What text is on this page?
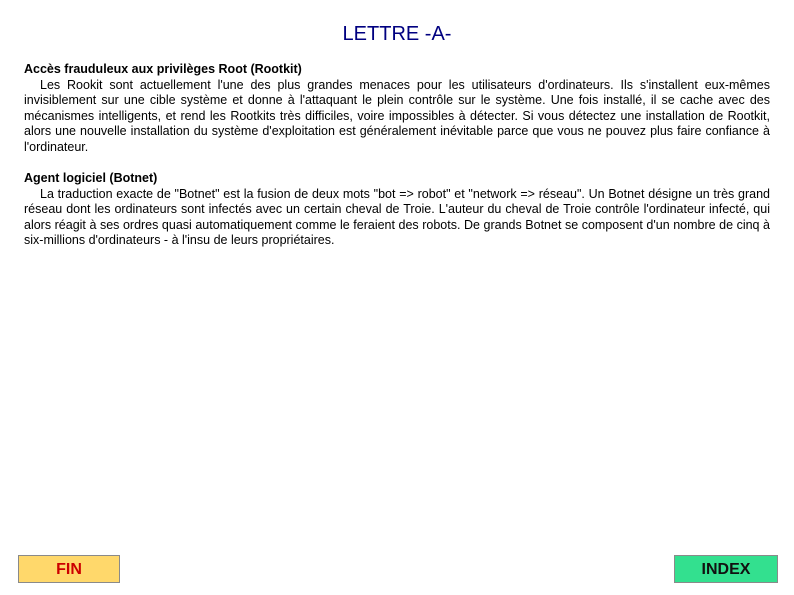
LETTRE -A-
Accès frauduleux aux privilèges Root (Rootkit)
Les Rookit sont actuellement l'une des plus grandes menaces pour les utilisateurs d'ordinateurs. Ils s'installent eux-mêmes invisiblement sur une cible système et donne à l'attaquant le plein contrôle sur le système. Une fois installé, il se cache avec des mécanismes intelligents, et rend les Rootkits très difficiles, voire impossibles à détecter. Si vous détectez une installation de Rootkit, alors une nouvelle installation du système d'exploitation est généralement inévitable parce que vous ne pouvez plus faire confiance à l'ordinateur.
Agent logiciel (Botnet)
La traduction exacte de "Botnet" est la fusion de deux mots "bot => robot" et "network => réseau". Un Botnet désigne un très grand réseau dont les ordinateurs sont infectés avec un certain cheval de Troie. L'auteur du cheval de Troie contrôle l'ordinateur infecté, qui alors réagit à ses ordres quasi automatiquement comme le feraient des robots. De grands Botnet se composent d'un nombre de cinq à six-millions d'ordinateurs - à l'insu de leurs propriétaires.
FIN	INDEX
